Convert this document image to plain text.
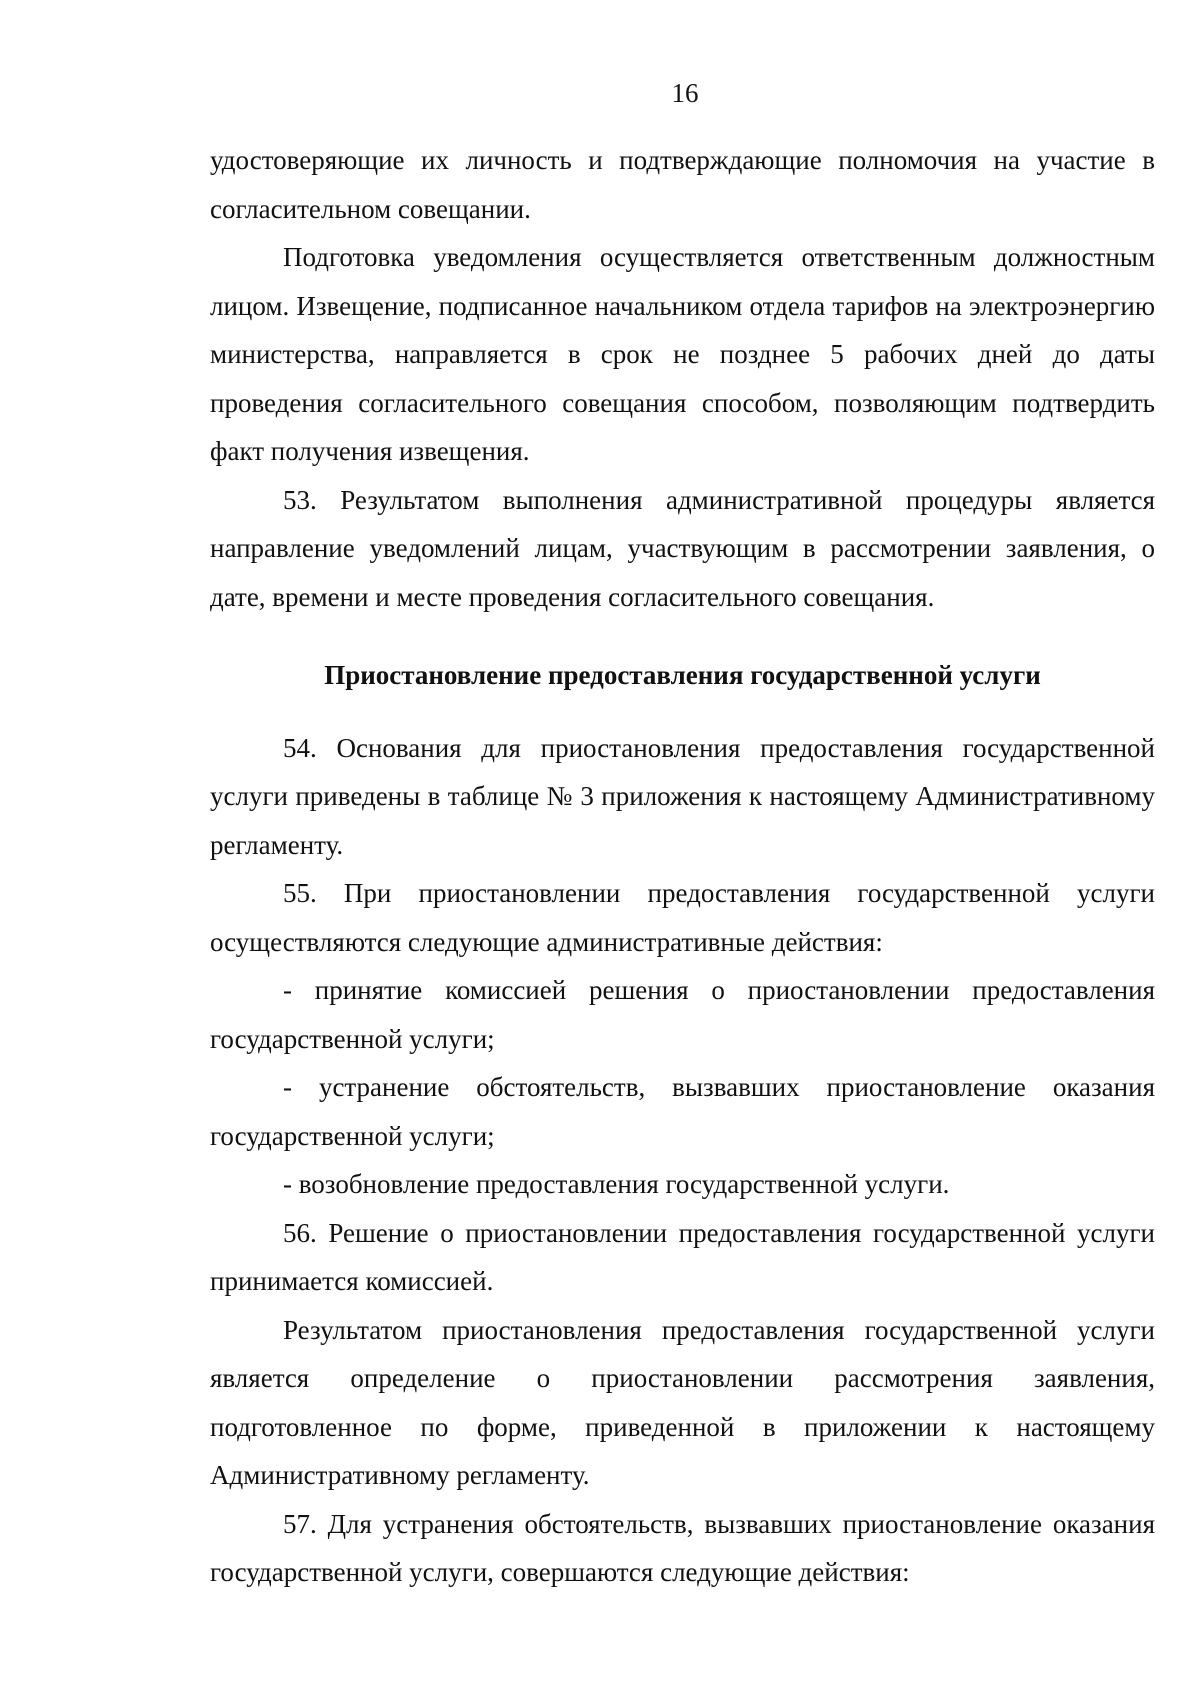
16

удостоверяющие их личность и подтверждающие полномочия на участие в согласительном совещании.

Подготовка уведомления осуществляется ответственным должностным лицом. Извещение, подписанное начальником отдела тарифов на электроэнергию министерства, направляется в срок не позднее 5 рабочих дней до даты проведения согласительного совещания способом, позволяющим подтвердить факт получения извещения.

53. Результатом выполнения административной процедуры является направление уведомлений лицам, участвующим в рассмотрении заявления, о дате, времени и месте проведения согласительного совещания.

Приостановление предоставления государственной услуги

54. Основания для приостановления предоставления государственной услуги приведены в таблице № 3 приложения к настоящему Административному регламенту.

55. При приостановлении предоставления государственной услуги осуществляются следующие административные действия:

- принятие комиссией решения о приостановлении предоставления государственной услуги;

- устранение обстоятельств, вызвавших приостановление оказания государственной услуги;

- возобновление предоставления государственной услуги.

56. Решение о приостановлении предоставления государственной услуги принимается комиссией.

Результатом приостановления предоставления государственной услуги является определение о приостановлении рассмотрения заявления, подготовленное по форме, приведенной в приложении к настоящему Административному регламенту.

57. Для устранения обстоятельств, вызвавших приостановление оказания государственной услуги, совершаются следующие действия:
